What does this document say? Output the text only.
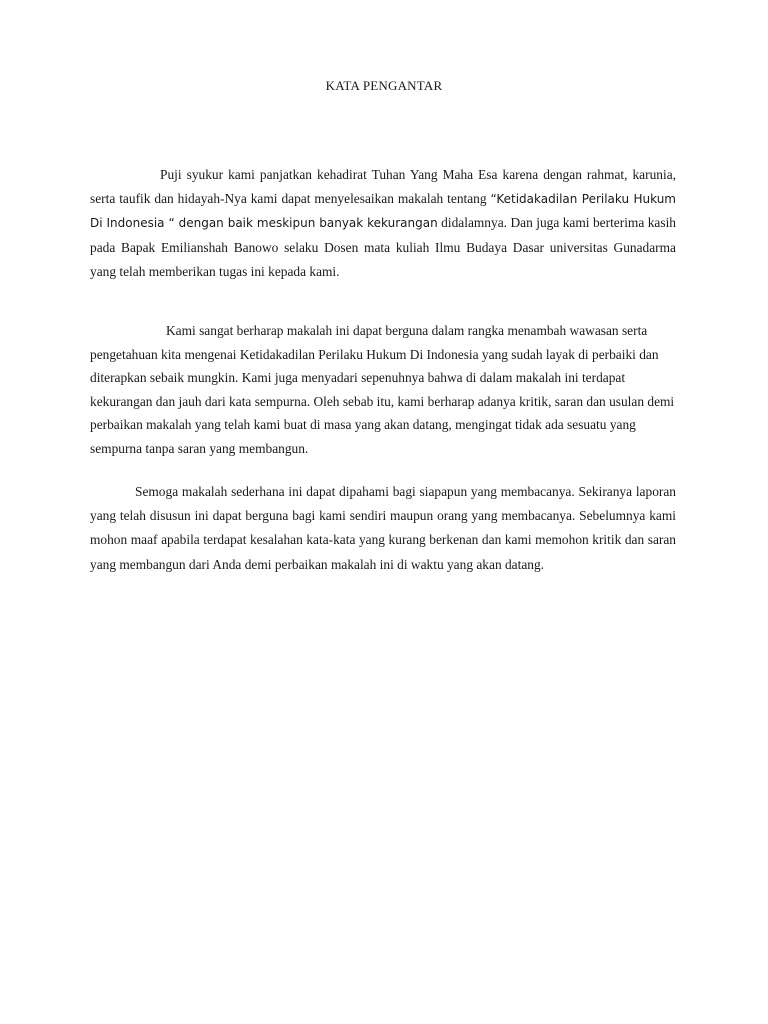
KATA PENGANTAR

Puji syukur kami panjatkan kehadirat Tuhan Yang Maha Esa karena dengan rahmat, karunia, serta taufik dan hidayah-Nya kami dapat menyelesaikan makalah tentang “Ketidakadilan Perilaku Hukum Di Indonesia “ dengan baik meskipun banyak kekurangan didalamnya. Dan juga kami berterima kasih pada Bapak Emilianshah Banowo selaku Dosen mata kuliah Ilmu Budaya Dasar universitas Gunadarma yang telah memberikan tugas ini kepada kami.

Kami sangat berharap makalah ini dapat berguna dalam rangka menambah wawasan serta pengetahuan kita mengenai Ketidakadilan Perilaku Hukum Di Indonesia yang sudah layak di perbaiki dan diterapkan sebaik mungkin. Kami juga menyadari sepenuhnya bahwa di dalam makalah ini terdapat kekurangan dan jauh dari kata sempurna. Oleh sebab itu, kami berharap adanya kritik, saran dan usulan demi perbaikan makalah yang telah kami buat di masa yang akan datang, mengingat tidak ada sesuatu yang sempurna tanpa saran yang membangun.

Semoga makalah sederhana ini dapat dipahami bagi siapapun yang membacanya. Sekiranya laporan yang telah disusun ini dapat berguna bagi kami sendiri maupun orang yang membacanya. Sebelumnya kami mohon maaf apabila terdapat kesalahan kata-kata yang kurang berkenan dan kami memohon kritik dan saran yang membangun dari Anda demi perbaikan makalah ini di waktu yang akan datang.
